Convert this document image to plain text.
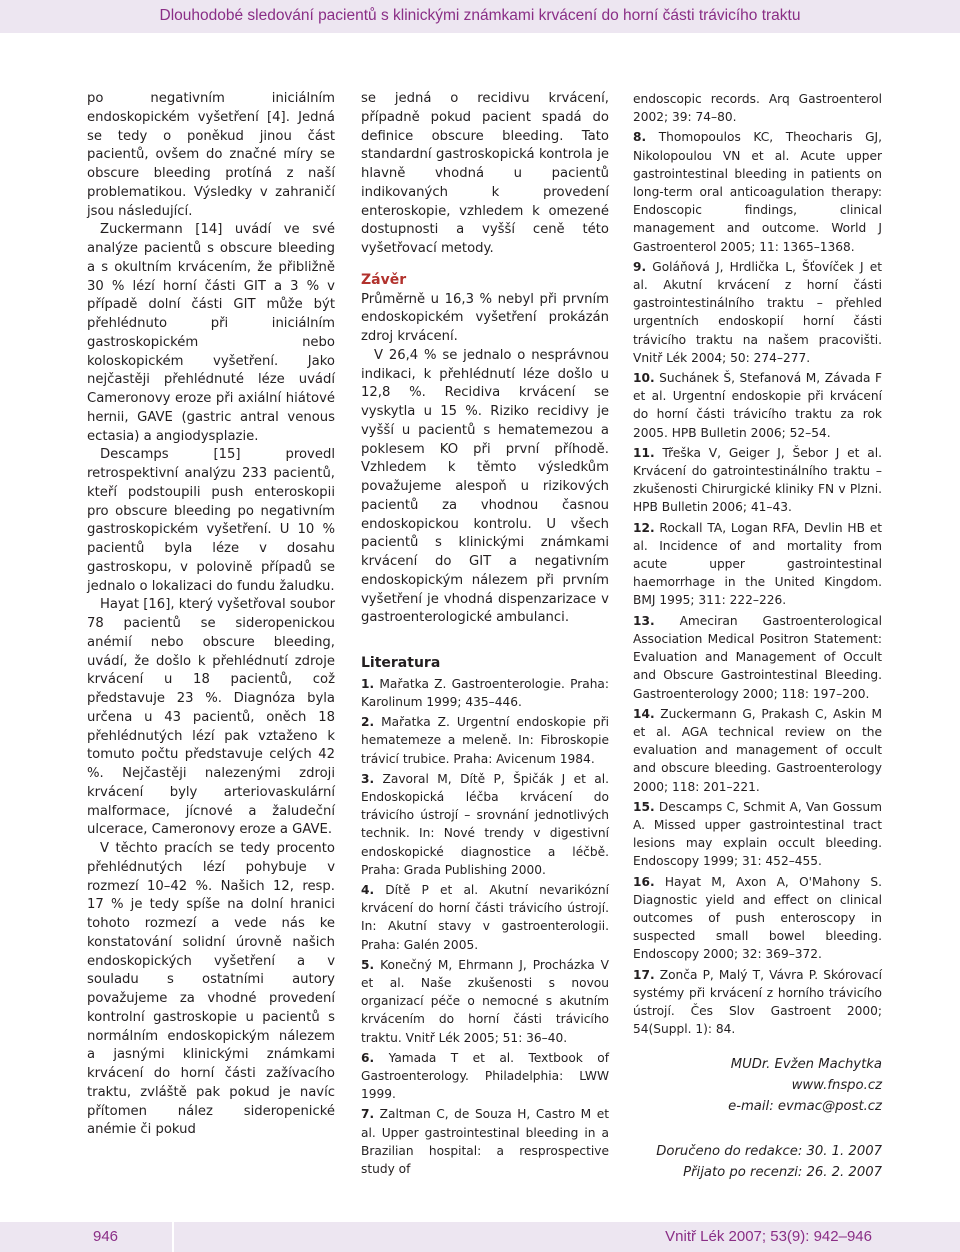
Dlouhodobé sledování pacientů s klinickými známkami krvácení do horní části trávicího traktu

po negativním iniciálním endoskopickém vyšetření [4]. Jedná se tedy o poněkud jinou část pacientů, ovšem do značné míry se obscure bleeding protíná z naší problematikou. Výsledky v zahraničí jsou následující.

Zuckermann [14] uvádí ve své analýze pacientů s obscure bleeding a s okultním krvácením, že přibližně 30 % lézí horní části GIT a 3 % v případě dolní části GIT může být přehlédnuto při iniciálním gastroskopickém nebo koloskopickém vyšetření. Jako nejčastěji přehlédnuté léze uvádí Cameronovy eroze při axiální hiátové hernii, GAVE (gastric antral venous ectasia) a angiodysplazie.

Descamps [15] provedl retrospektivní analýzu 233 pacientů, kteří podstoupili push enteroskopii pro obscure bleeding po negativním gastroskopickém vyšetření. U 10 % pacientů byla léze v dosahu gastroskopu, v polovině případů se jednalo o lokalizaci do fundu žaludku.

Hayat [16], který vyšetřoval soubor 78 pacientů se sideropenickou anémií nebo obscure bleeding, uvádí, že došlo k přehlédnutí zdroje krvácení u 18 pacientů, což představuje 23 %. Diagnóza byla určena u 43 pacientů, oněch 18 přehlédnutých lézí pak vztaženo k tomuto počtu představuje celých 42 %. Nejčastěji nalezenými zdroji krvácení byly arteriovaskulární malformace, jícnové a žaludeční ulcerace, Cameronovy eroze a GAVE.

V těchto pracích se tedy procento přehlédnutých lézí pohybuje v rozmezí 10–42 %. Našich 12, resp. 17 % je tedy spíše na dolní hranici tohoto rozmezí a vede nás ke konstatování solidní úrovně našich endoskopických vyšetření a v souladu s ostatními autory považujeme za vhodné provedení kontrolní gastroskopie u pacientů s normálním endoskopickým nálezem a jasnými klinickými známkami krvácení do horní části zažívacího traktu, zvláště pak pokud je navíc přítomen nález sideropenické anémie či pokud

se jedná o recidivu krvácení, případně pokud pacient spadá do definice obscure bleeding. Tato standardní gastroskopická kontrola je hlavně vhodná u pacientů indikovaných k provedení enteroskopie, vzhledem k omezené dostupnosti a vyšší ceně této vyšetřovací metody.

Závěr

Průměrně u 16,3 % nebyl při prvním endoskopickém vyšetření prokázán zdroj krvácení.

V 26,4 % se jednalo o nesprávnou indikaci, k přehlédnutí léze došlo u 12,8 %. Recidiva krvácení se vyskytla u 15 %. Riziko recidivy je vyšší u pacientů s hematemezou a poklesem KO při první příhodě. Vzhledem k těmto výsledkům považujeme alespoň u rizikových pacientů za vhodnou časnou endoskopickou kontrolu. U všech pacientů s klinickými známkami krvácení do GIT a negativním endoskopickým nálezem při prvním vyšetření je vhodná dispenzarizace v gastroenterologické ambulanci.

Literatura
1. Mařatka Z. Gastroenterologie. Praha: Karolinum 1999; 435–446.
2. Mařatka Z. Urgentní endoskopie při hematemeze a meleně. In: Fibroskopie trávicí trubice. Praha: Avicenum 1984.
3. Zavoral M, Dítě P, Špičák J et al. Endoskopická léčba krvácení do trávicího ústrojí – srovnání jednotlivých technik. In: Nové trendy v digestivní endoskopické diagnostice a léčbě. Praha: Grada Publishing 2000.
4. Dítě P et al. Akutní nevarikózní krvácení do horní části trávicího ústrojí. In: Akutní stavy v gastroenterologii. Praha: Galén 2005.
5. Konečný M, Ehrmann J, Procházka V et al. Naše zkušenosti s novou organizací péče o nemocné s akutním krvácením do horní části trávicího traktu. Vnitř Lék 2005; 51: 36–40.
6. Yamada T et al. Textbook of Gastroenterology. Philadelphia: LWW 1999.
7. Zaltman C, de Souza H, Castro M et al. Upper gastrointestinal bleeding in a Brazilian hospital: a resprospective study of
endoscopic records. Arq Gastroenterol 2002; 39: 74–80.
8. Thomopoulos KC, Theocharis GJ, Nikolopoulou VN et al. Acute upper gastrointestinal bleeding in patients on long-term oral anticoagulation therapy: Endoscopic findings, clinical management and outcome. World J Gastroenterol 2005; 11: 1365–1368.
9. Goláňová J, Hrdlička L, Šťovíček J et al. Akutní krvácení z horní části gastrointestinálního traktu – přehled urgentních endoskopií horní části trávicího traktu na našem pracovišti. Vnitř Lék 2004; 50: 274–277.
10. Suchánek Š, Stefanová M, Závada F et al. Urgentní endoskopie při krvácení do horní části trávicího traktu za rok 2005. HPB Bulletin 2006; 52–54.
11. Třeška V, Geiger J, Šebor J et al. Krvácení do gatrointestinálního traktu – zkušenosti Chirurgické kliniky FN v Plzni. HPB Bulletin 2006; 41–43.
12. Rockall TA, Logan RFA, Devlin HB et al. Incidence of and mortality from acute upper gastrointestinal haemorrhage in the United Kingdom. BMJ 1995; 311: 222–226.
13. Ameciran Gastroenterological Association Medical Positron Statement: Evaluation and Management of Occult and Obscure Gastrointestinal Bleeding. Gastroenterology 2000; 118: 197–200.
14. Zuckermann G, Prakash C, Askin M et al. AGA technical review on the evaluation and management of occult and obscure bleeding. Gastroenterology 2000; 118: 201–221.
15. Descamps C, Schmit A, Van Gossum A. Missed upper gastrointestinal tract lesions may explain occult bleeding. Endoscopy 1999; 31: 452–455.
16. Hayat M, Axon A, O'Mahony S. Diagnostic yield and effect on clinical outcomes of push enteroscopy in suspected small bowel bleeding. Endoscopy 2000; 32: 369–372.
17. Zonča P, Malý T, Vávra P. Skórovací systémy při krvácení z horního trávicího ústrojí. Čes Slov Gastroent 2000; 54(Suppl. 1): 84.
MUDr. Evžen Machytka
www.fnspo.cz
e-mail: evmac@post.cz
Doručeno do redakce: 30. 1. 2007
Přijato po recenzi: 26. 2. 2007
946	Vnitř Lék 2007; 53(9): 942–946
